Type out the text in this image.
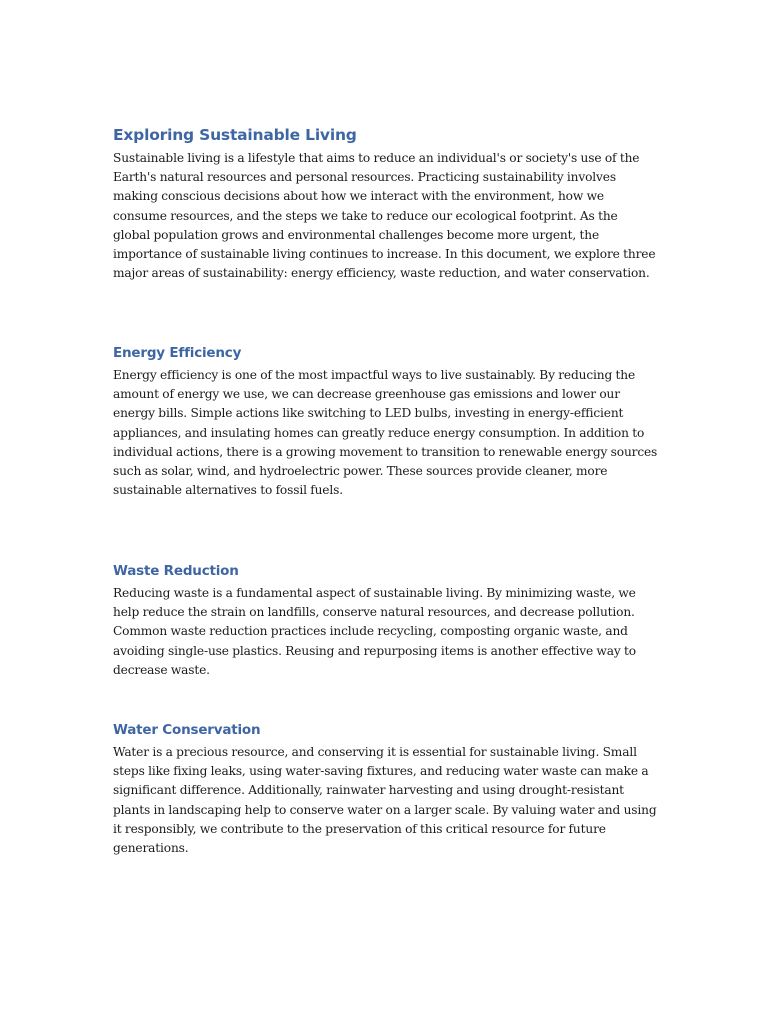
Exploring Sustainable Living

Sustainable living is a lifestyle that aims to reduce an individual's or society's use of the Earth's natural resources and personal resources. Practicing sustainability involves making conscious decisions about how we interact with the environment, how we consume resources, and the steps we take to reduce our ecological footprint. As the global population grows and environmental challenges become more urgent, the importance of sustainable living continues to increase. In this document, we explore three major areas of sustainability: energy efficiency, waste reduction, and water conservation.

Energy Efficiency

Energy efficiency is one of the most impactful ways to live sustainably. By reducing the amount of energy we use, we can decrease greenhouse gas emissions and lower our energy bills. Simple actions like switching to LED bulbs, investing in energy-efficient appliances, and insulating homes can greatly reduce energy consumption. In addition to individual actions, there is a growing movement to transition to renewable energy sources such as solar, wind, and hydroelectric power. These sources provide cleaner, more sustainable alternatives to fossil fuels.

Waste Reduction

Reducing waste is a fundamental aspect of sustainable living. By minimizing waste, we help reduce the strain on landfills, conserve natural resources, and decrease pollution. Common waste reduction practices include recycling, composting organic waste, and avoiding single-use plastics. Reusing and repurposing items is another effective way to decrease waste.

Water Conservation

Water is a precious resource, and conserving it is essential for sustainable living. Small steps like fixing leaks, using water-saving fixtures, and reducing water waste can make a significant difference. Additionally, rainwater harvesting and using drought-resistant plants in landscaping help to conserve water on a larger scale. By valuing water and using it responsibly, we contribute to the preservation of this critical resource for future generations.
